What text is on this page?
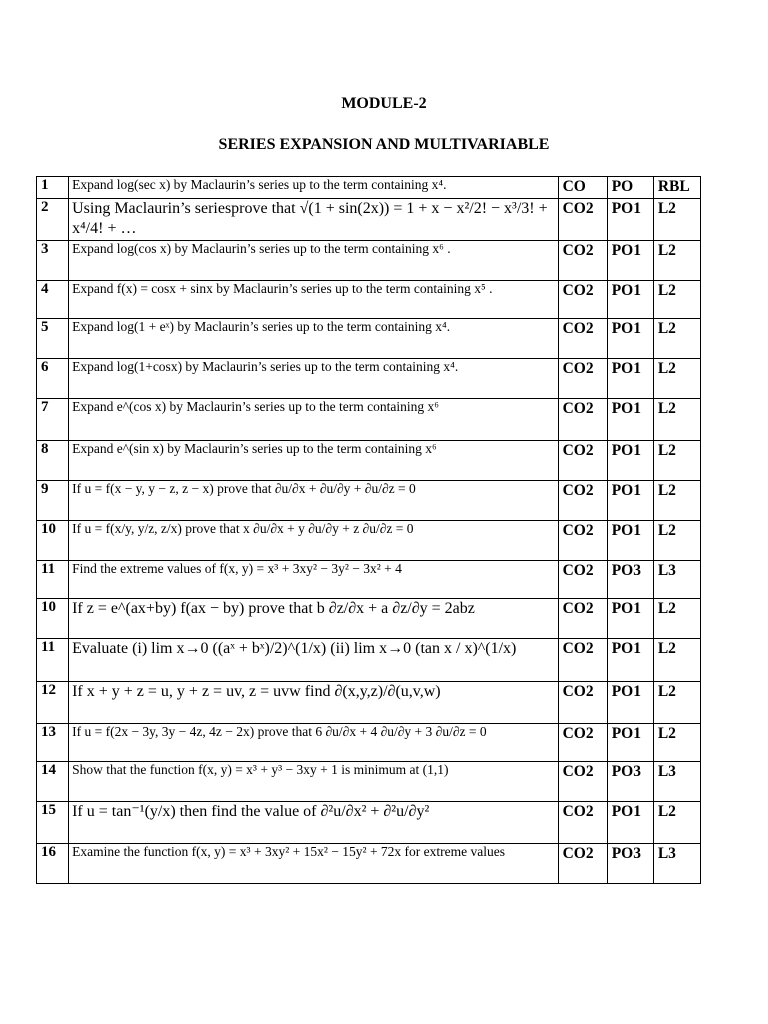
MODULE-2
SERIES EXPANSION AND MULTIVARIABLE
1	Expand log(sec x) by Maclaurin’s series up to the term containing x⁴.	CO	PO	RBL
2	Using Maclaurin’s seriesprove that √(1 + sin(2x)) = 1 + x − x²/2! − x³/3! + x⁴/4! + …	CO2	PO1	L2
3	Expand log(cos x) by Maclaurin’s series up to the term containing x⁶ .	CO2	PO1	L2
4	Expand f(x) = cosx + sinx by Maclaurin’s series up to the term containing x⁵ .	CO2	PO1	L2
5	Expand log(1 + eˣ) by Maclaurin’s series up to the term containing x⁴.	CO2	PO1	L2
6	Expand log(1+cosx) by Maclaurin’s series up to the term containing x⁴.	CO2	PO1	L2
7	Expand e^(cos x) by Maclaurin’s series up to the term containing x⁶	CO2	PO1	L2
8	Expand e^(sin x) by Maclaurin’s series up to the term containing x⁶	CO2	PO1	L2
9	If u = f(x − y, y − z, z − x) prove that ∂u/∂x + ∂u/∂y + ∂u/∂z = 0	CO2	PO1	L2
10	If u = f(x/y, y/z, z/x) prove that x ∂u/∂x + y ∂u/∂y + z ∂u/∂z = 0	CO2	PO1	L2
11	Find the extreme values of f(x, y) = x³ + 3xy² − 3y² − 3x² + 4	CO2	PO3	L3
10	If z = e^(ax+by) f(ax − by) prove that b ∂z/∂x + a ∂z/∂y = 2abz	CO2	PO1	L2
11	Evaluate (i) lim x→0 ((aˣ + bˣ)/2)^(1/x) (ii) lim x→0 (tan x / x)^(1/x)	CO2	PO1	L2
12	If x + y + z = u, y + z = uv, z = uvw find ∂(x,y,z)/∂(u,v,w)	CO2	PO1	L2
13	If u = f(2x − 3y, 3y − 4z, 4z − 2x) prove that 6 ∂u/∂x + 4 ∂u/∂y + 3 ∂u/∂z = 0	CO2	PO1	L2
14	Show that the function f(x, y) = x³ + y³ − 3xy + 1 is minimum at (1,1)	CO2	PO3	L3
15	If u = tan⁻¹(y/x) then find the value of ∂²u/∂x² + ∂²u/∂y²	CO2	PO1	L2
16	Examine the function f(x, y) = x³ + 3xy² + 15x² − 15y² + 72x for extreme values	CO2	PO3	L3
